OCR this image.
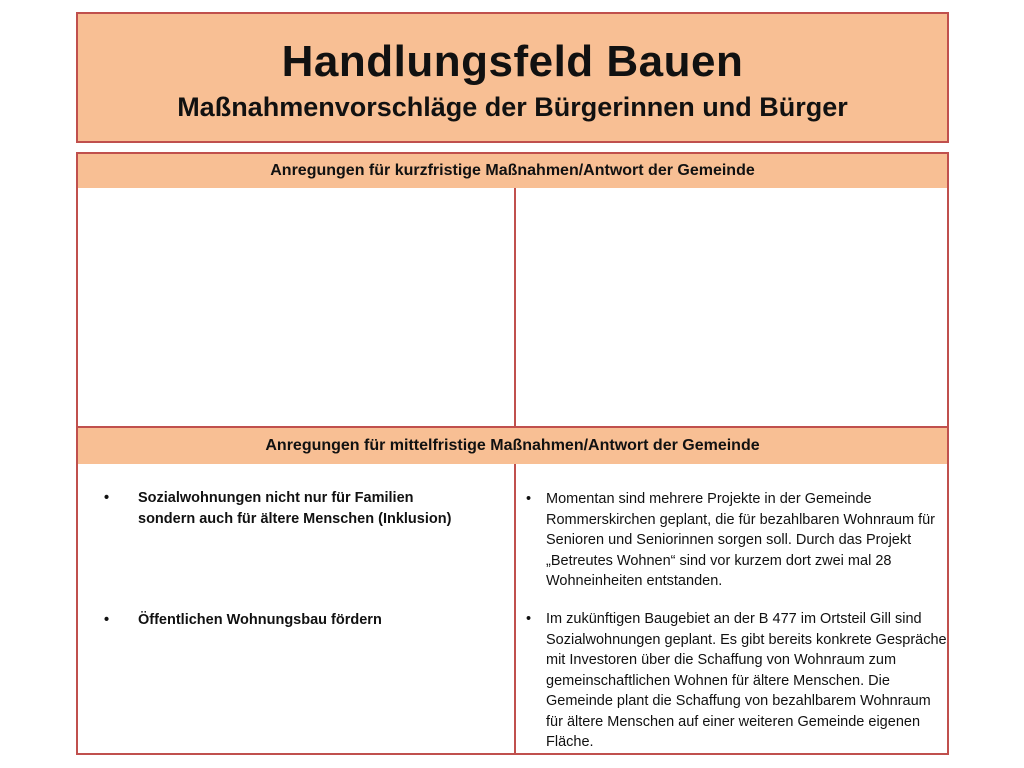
Handlungsfeld Bauen
Maßnahmenvorschläge der Bürgerinnen und Bürger
Anregungen für kurzfristige Maßnahmen/Antwort der Gemeinde
Anregungen für mittelfristige Maßnahmen/Antwort der Gemeinde
• Sozialwohnungen nicht nur für Familien sondern auch für ältere Menschen (Inklusion)
• Öffentlichen Wohnungsbau fördern
• Momentan sind mehrere Projekte in der Gemeinde Rommerskirchen geplant, die für bezahlbaren Wohnraum für Senioren und Seniorinnen sorgen soll. Durch das Projekt „Betreutes Wohnen“ sind vor kurzem dort zwei mal 28 Wohneinheiten entstanden.
• Im zukünftigen Baugebiet an der B 477 im Ortsteil Gill sind Sozialwohnungen geplant. Es gibt bereits konkrete Gespräche mit Investoren über die Schaffung von Wohnraum zum gemeinschaftlichen Wohnen für ältere Menschen. Die Gemeinde plant die Schaffung von bezahlbarem Wohnraum für ältere Menschen auf einer weiteren Gemeinde eigenen Fläche.
